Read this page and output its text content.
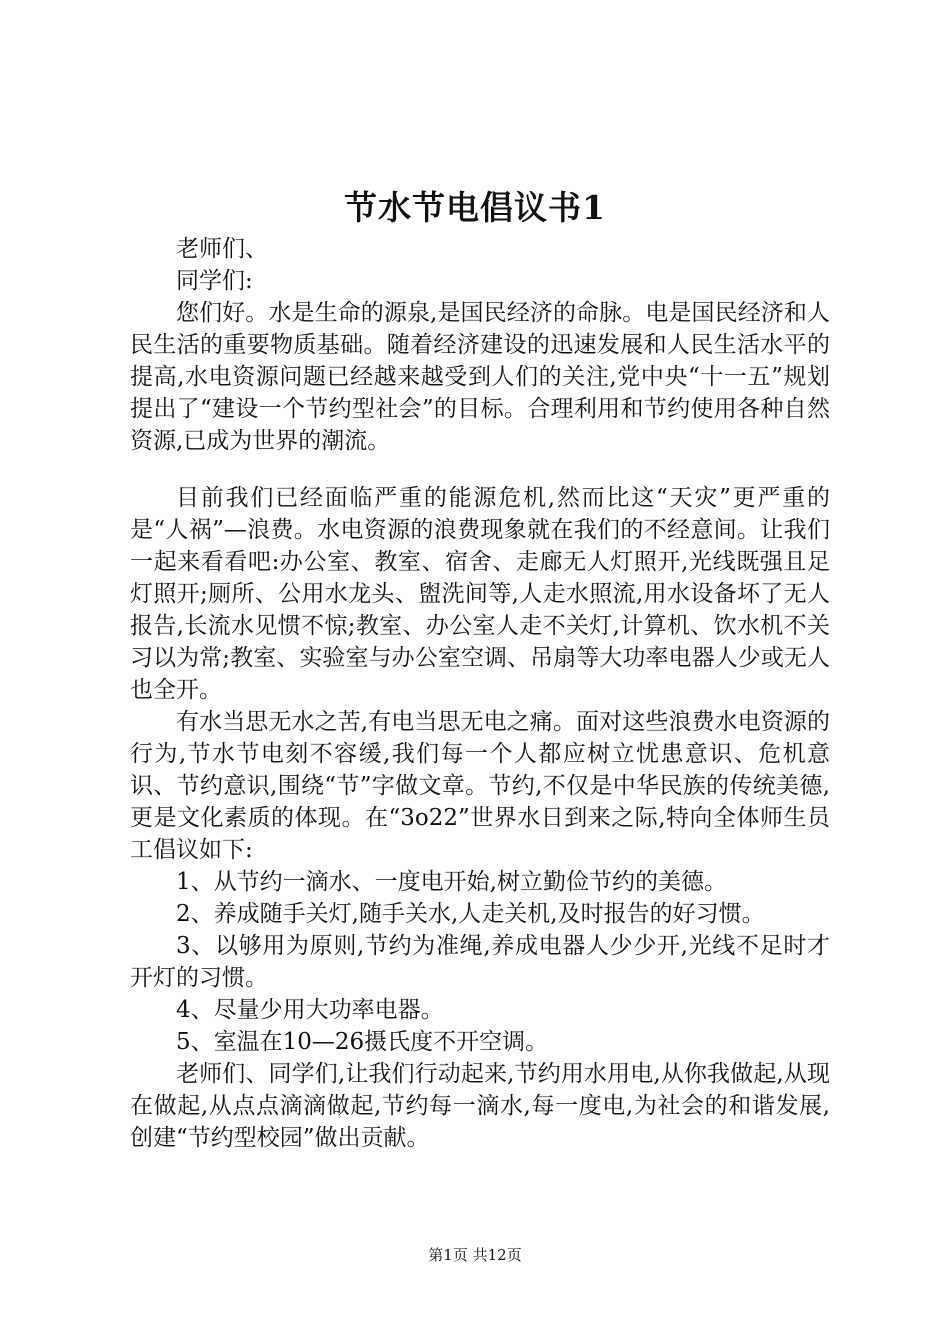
节水节电倡议书1

老师们、

同学们:

您们好。水是生命的源泉,是国民经济的命脉。电是国民经济和人民生活的重要物质基础。随着经济建设的迅速发展和人民生活水平的提高,水电资源问题已经越来越受到人们的关注,党中央“十一五”规划提出了“建设一个节约型社会”的目标。合理利用和节约使用各种自然资源,已成为世界的潮流。

目前我们已经面临严重的能源危机,然而比这“天灾”更严重的是“人祸”—浪费。水电资源的浪费现象就在我们的不经意间。让我们一起来看看吧:办公室、教室、宿舍、走廊无人灯照开,光线既强且足灯照开;厕所、公用水龙头、盥洗间等,人走水照流,用水设备坏了无人报告,长流水见惯不惊;教室、办公室人走不关灯,计算机、饮水机不关习以为常;教室、实验室与办公室空调、吊扇等大功率电器人少或无人也全开。

有水当思无水之苦,有电当思无电之痛。面对这些浪费水电资源的行为,节水节电刻不容缓,我们每一个人都应树立忧患意识、危机意识、节约意识,围绕“节”字做文章。节约,不仅是中华民族的传统美德,更是文化素质的体现。在“3o22”世界水日到来之际,特向全体师生员工倡议如下:

1、从节约一滴水、一度电开始,树立勤俭节约的美德。

2、养成随手关灯,随手关水,人走关机,及时报告的好习惯。

3、以够用为原则,节约为准绳,养成电器人少少开,光线不足时才开灯的习惯。

4、尽量少用大功率电器。

5、室温在10—26摄氏度不开空调。

老师们、同学们,让我们行动起来,节约用水用电,从你我做起,从现在做起,从点点滴滴做起,节约每一滴水,每一度电,为社会的和谐发展,创建“节约型校园”做出贡献。

第1页 共12页
